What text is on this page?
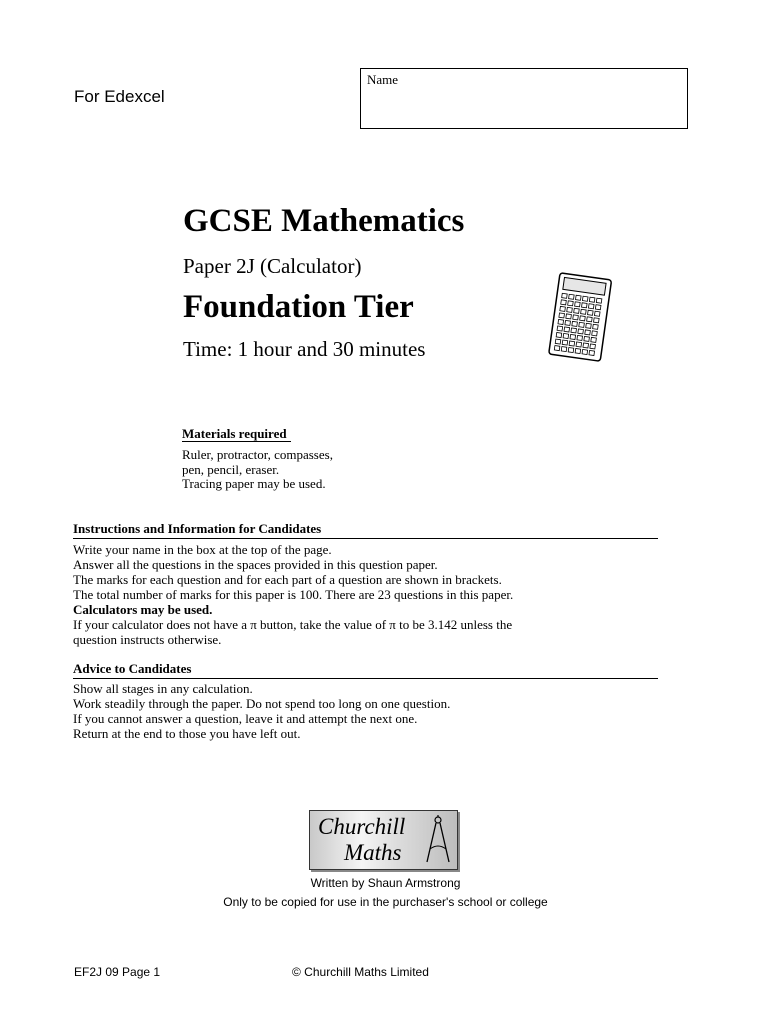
For Edexcel
Name
GCSE Mathematics
Paper 2J (Calculator)
Foundation Tier
Time: 1 hour and 30 minutes
Materials required
Ruler, protractor, compasses,
pen, pencil, eraser.
Tracing paper may be used.
Instructions and Information for Candidates
Write your name in the box at the top of the page.
Answer all the questions in the spaces provided in this question paper.
The marks for each question and for each part of a question are shown in brackets.
The total number of marks for this paper is 100. There are 23 questions in this paper.
Calculators may be used.
If your calculator does not have a π button, take the value of π to be 3.142 unless the
question instructs otherwise.
Advice to Candidates
Show all stages in any calculation.
Work steadily through the paper. Do not spend too long on one question.
If you cannot answer a question, leave it and attempt the next one.
Return at the end to those you have left out.
Churchill
Maths
Written by Shaun Armstrong
Only to be copied for use in the purchaser's school or college
EF2J 09 Page 1	© Churchill Maths Limited
